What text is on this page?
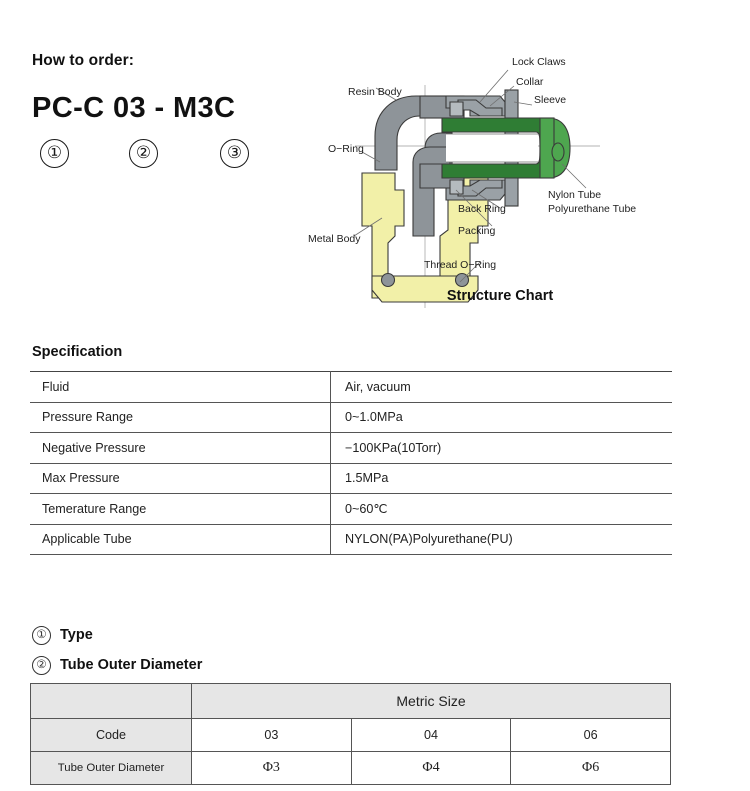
How to order:
PC-C 03 - M3C
①	②	③
Lock Claws
Collar
Sleeve
Resin Body
O−Ring
Metal Body
Thread O−Ring
Packing
Back Ring
Nylon Tube
Polyurethane Tube
Structure Chart
Specification
Fluid	Air, vacuum
Pressure Range	0~1.0MPa
Negative Pressure	−100KPa(10Torr)
Max Pressure	1.5MPa
Temerature Range	0~60℃
Applicable Tube	NYLON(PA)Polyurethane(PU)
① Type
② Tube Outer Diameter
	Metric Size		
Code	03	04	06
Tube Outer Diameter	Φ3	Φ4	Φ6
